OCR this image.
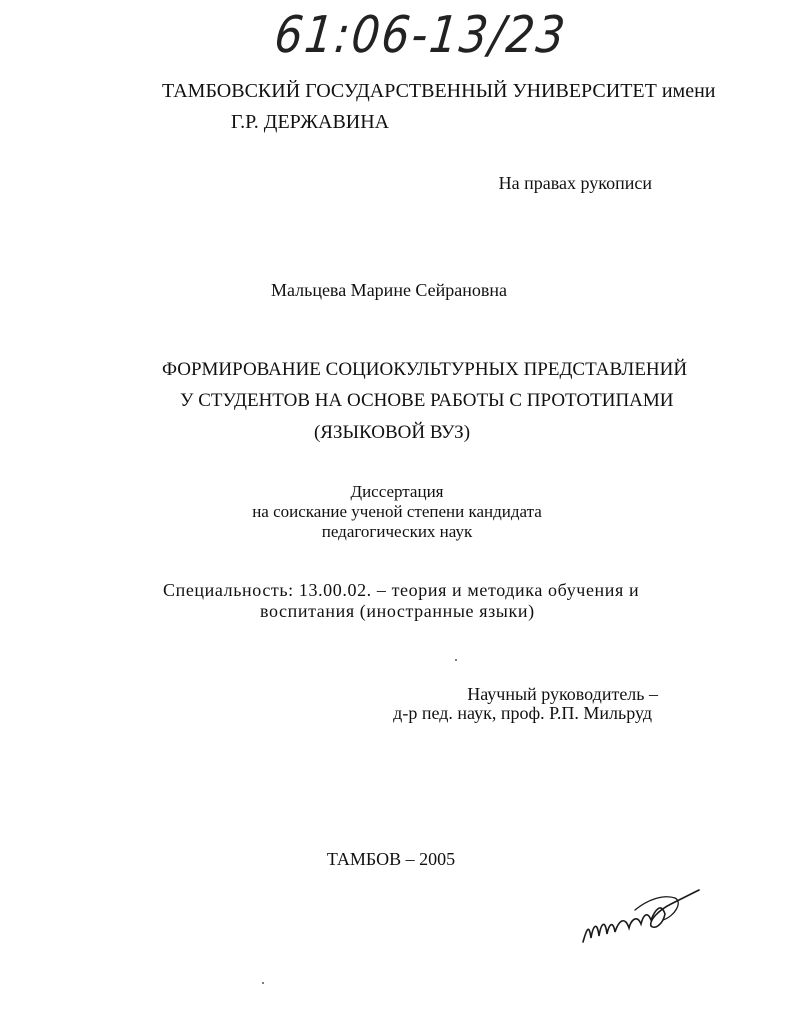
61:06-13/23
ТАМБОВСКИЙ ГОСУДАРСТВЕННЫЙ УНИВЕРСИТЕТ имени
Г.Р. ДЕРЖАВИНА
На правах рукописи
Мальцева Марине Сейрановна
ФОРМИРОВАНИЕ СОЦИОКУЛЬТУРНЫХ ПРЕДСТАВЛЕНИЙ
У СТУДЕНТОВ НА ОСНОВЕ РАБОТЫ С ПРОТОТИПАМИ
(ЯЗЫКОВОЙ ВУЗ)
Диссертация
на соискание ученой степени кандидата
педагогических наук
Специальность: 13.00.02. – теория и методика обучения и
воспитания (иностранные языки)
Научный руководитель –
д-р пед. наук, проф. Р.П. Мильруд
ТАМБОВ – 2005
